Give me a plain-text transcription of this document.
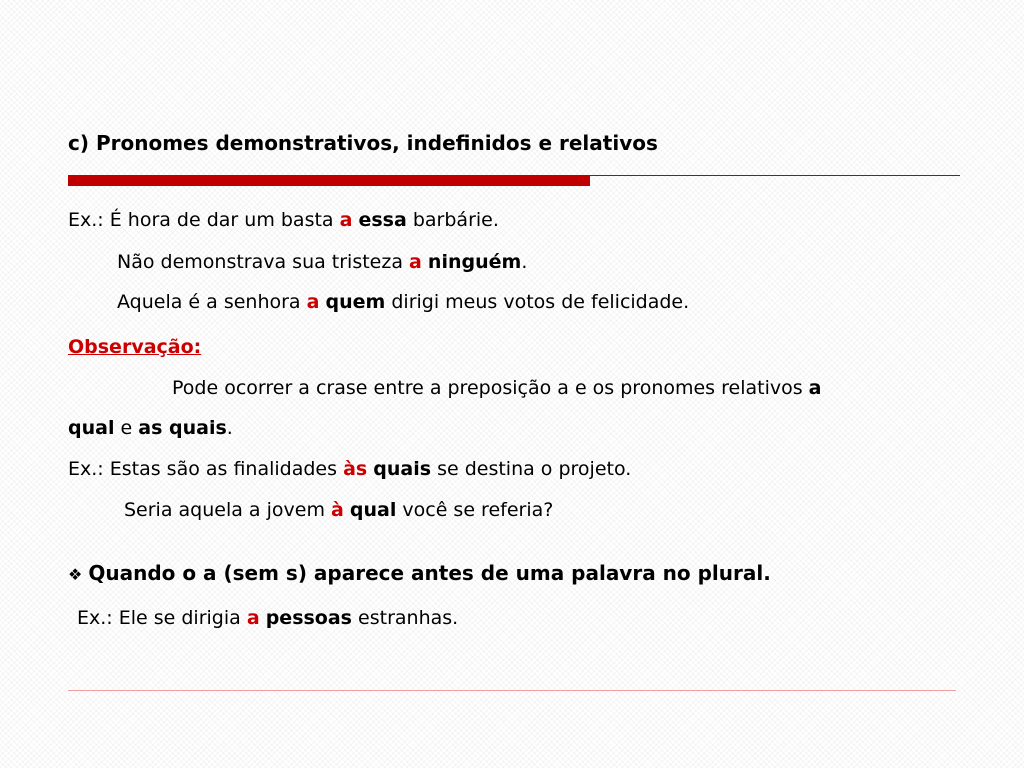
c) Pronomes demonstrativos, indefinidos e relativos

Ex.: É hora de dar um basta a essa barbárie.

Não demonstrava sua tristeza a ninguém.

Aquela é a senhora a quem dirigi meus votos de felicidade.

Observação:

Pode ocorrer a crase entre a preposição a e os pronomes relativos a

qual e as quais.

Ex.: Estas são as finalidades às quais se destina o projeto.

Seria aquela a jovem à qual você se referia?

❖ Quando o a (sem s) aparece antes de uma palavra no plural.

Ex.: Ele se dirigia a pessoas estranhas.
